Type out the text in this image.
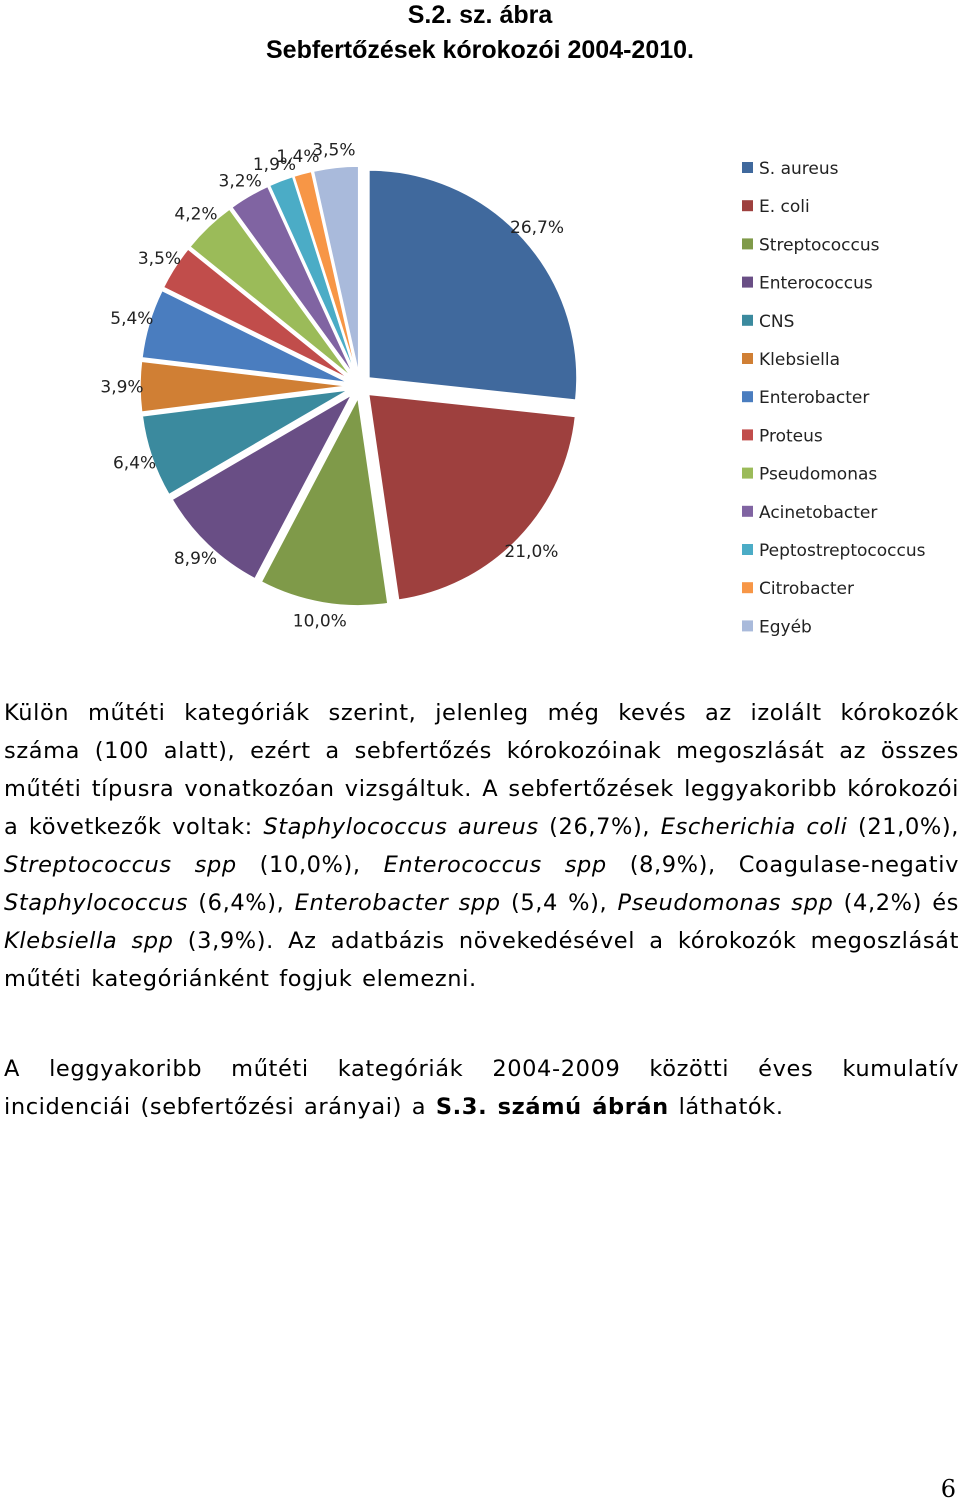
S.2. sz. ábra
Sebfertőzések kórokozói 2004-2010.
26,7%
21,0%
10,0%
8,9%
6,4%
3,9%
5,4%
3,5%
4,2%
3,2%
1,9%
1,4%
3,5%
S. aureus
E. coli
Streptococcus
Enterococcus
CNS
Klebsiella
Enterobacter
Proteus
Pseudomonas
Acinetobacter
Peptostreptococcus
Citrobacter
Egyéb
Külön műtéti kategóriák szerint, jelenleg még kevés az izolált kórokozók száma (100 alatt), ezért a sebfertőzés kórokozóinak megoszlását az összes műtéti típusra vonatkozóan vizsgáltuk. A sebfertőzések leggyakoribb kórokozói a következők voltak: Staphylococcus aureus (26,7%), Escherichia coli (21,0%), Streptococcus spp (10,0%), Enterococcus spp (8,9%), Coagulase-negativ Staphylococcus (6,4%), Enterobacter spp (5,4 %), Pseudomonas spp (4,2%) és Klebsiella spp (3,9%). Az adatbázis növekedésével a kórokozók megoszlását műtéti kategóriánként fogjuk elemezni.
A leggyakoribb műtéti kategóriák 2004-2009 közötti éves kumulatív incidenciái (sebfertőzési arányai) a S.3. számú ábrán láthatók.
6
